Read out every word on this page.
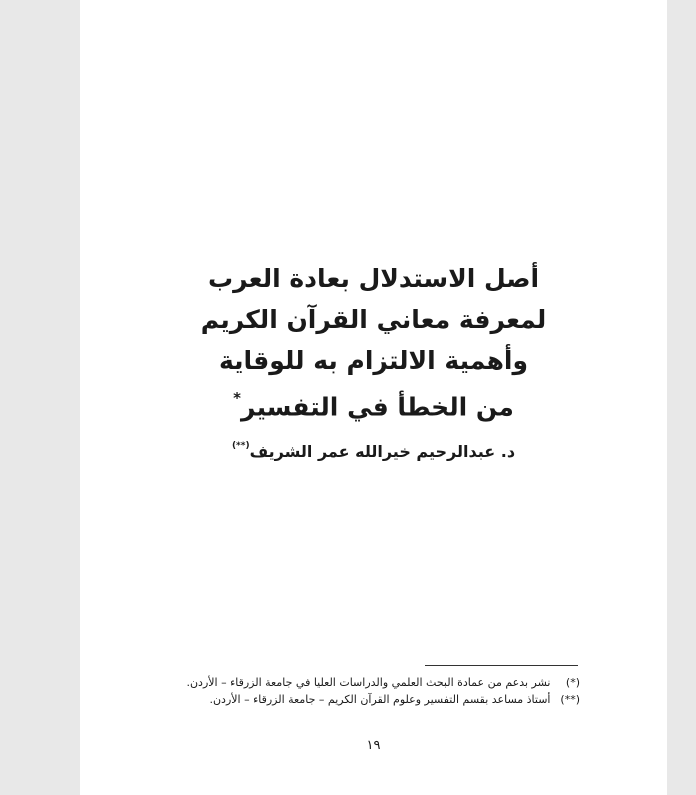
أصل الاستدلال بعادة العرب
لمعرفة معاني القرآن الكريم
وأهمية الالتزام به للوقاية
من الخطأ في التفسير*
د. عبدالرحيم خيرالله عمر الشريف(**)
(*) نشر بدعم من عمادة البحث العلمي والدراسات العليا في جامعة الزرقاء – الأردن.
(**) أستاذ مساعد بقسم التفسير وعلوم القرآن الكريم – جامعة الزرقاء – الأردن.
١٩
